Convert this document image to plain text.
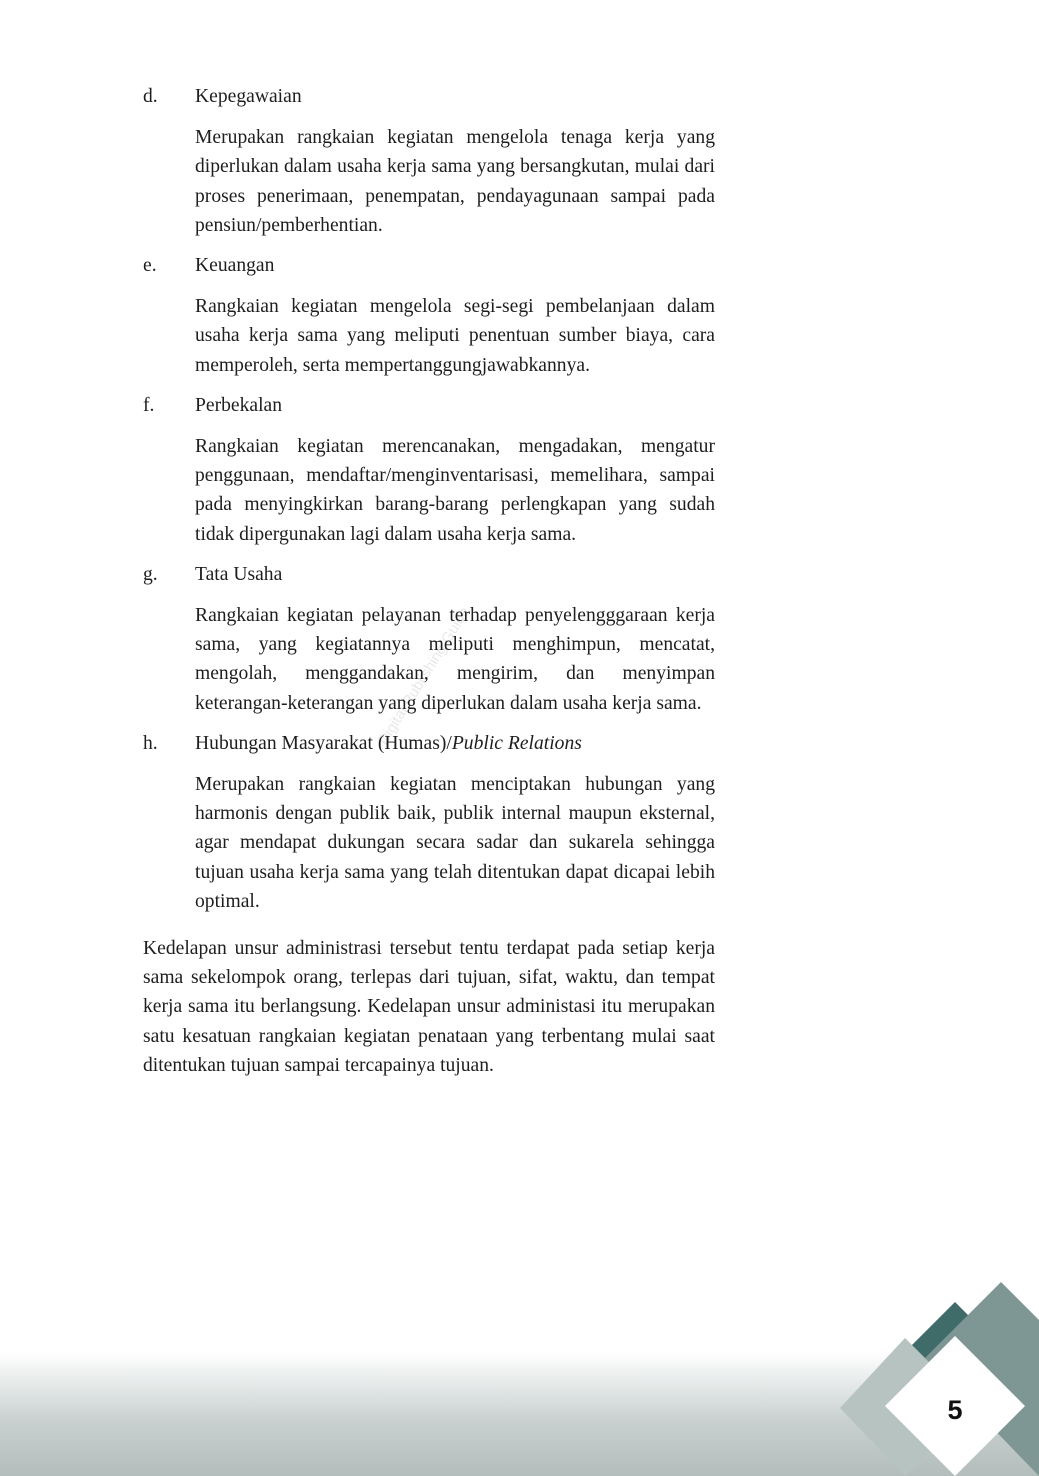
Digital Publishing Guide
d. Kepegawaian

Merupakan rangkaian kegiatan mengelola tenaga kerja yang diperlukan dalam usaha kerja sama yang bersangkutan, mulai dari proses penerimaan, penempatan, pendayagunaan sampai pada pensiun/pemberhentian.

e. Keuangan

Rangkaian kegiatan mengelola segi-segi pembelanjaan dalam usaha kerja sama yang meliputi penentuan sumber biaya, cara memperoleh, serta mempertanggungjawabkannya.

f. Perbekalan

Rangkaian kegiatan merencanakan, mengadakan, mengatur penggunaan, mendaftar/menginventarisasi, memelihara, sampai pada menyingkirkan barang-barang perlengkapan yang sudah tidak dipergunakan lagi dalam usaha kerja sama.

g. Tata Usaha

Rangkaian kegiatan pelayanan terhadap penyelengggaraan kerja sama, yang kegiatannya meliputi menghimpun, mencatat, mengolah, menggandakan, mengirim, dan menyimpan keterangan-keterangan yang diperlukan dalam usaha kerja sama.

h. Hubungan Masyarakat (Humas)/Public Relations

Merupakan rangkaian kegiatan menciptakan hubungan yang harmonis dengan publik baik, publik internal maupun eksternal, agar mendapat dukungan secara sadar dan sukarela sehingga tujuan usaha kerja sama yang telah ditentukan dapat dicapai lebih optimal.

Kedelapan unsur administrasi tersebut tentu terdapat pada setiap kerja sama sekelompok orang, terlepas dari tujuan, sifat, waktu, dan tempat kerja sama itu berlangsung. Kedelapan unsur administasi itu merupakan satu kesatuan rangkaian kegiatan penataan yang terbentang mulai saat ditentukan tujuan sampai tercapainya tujuan.

5
